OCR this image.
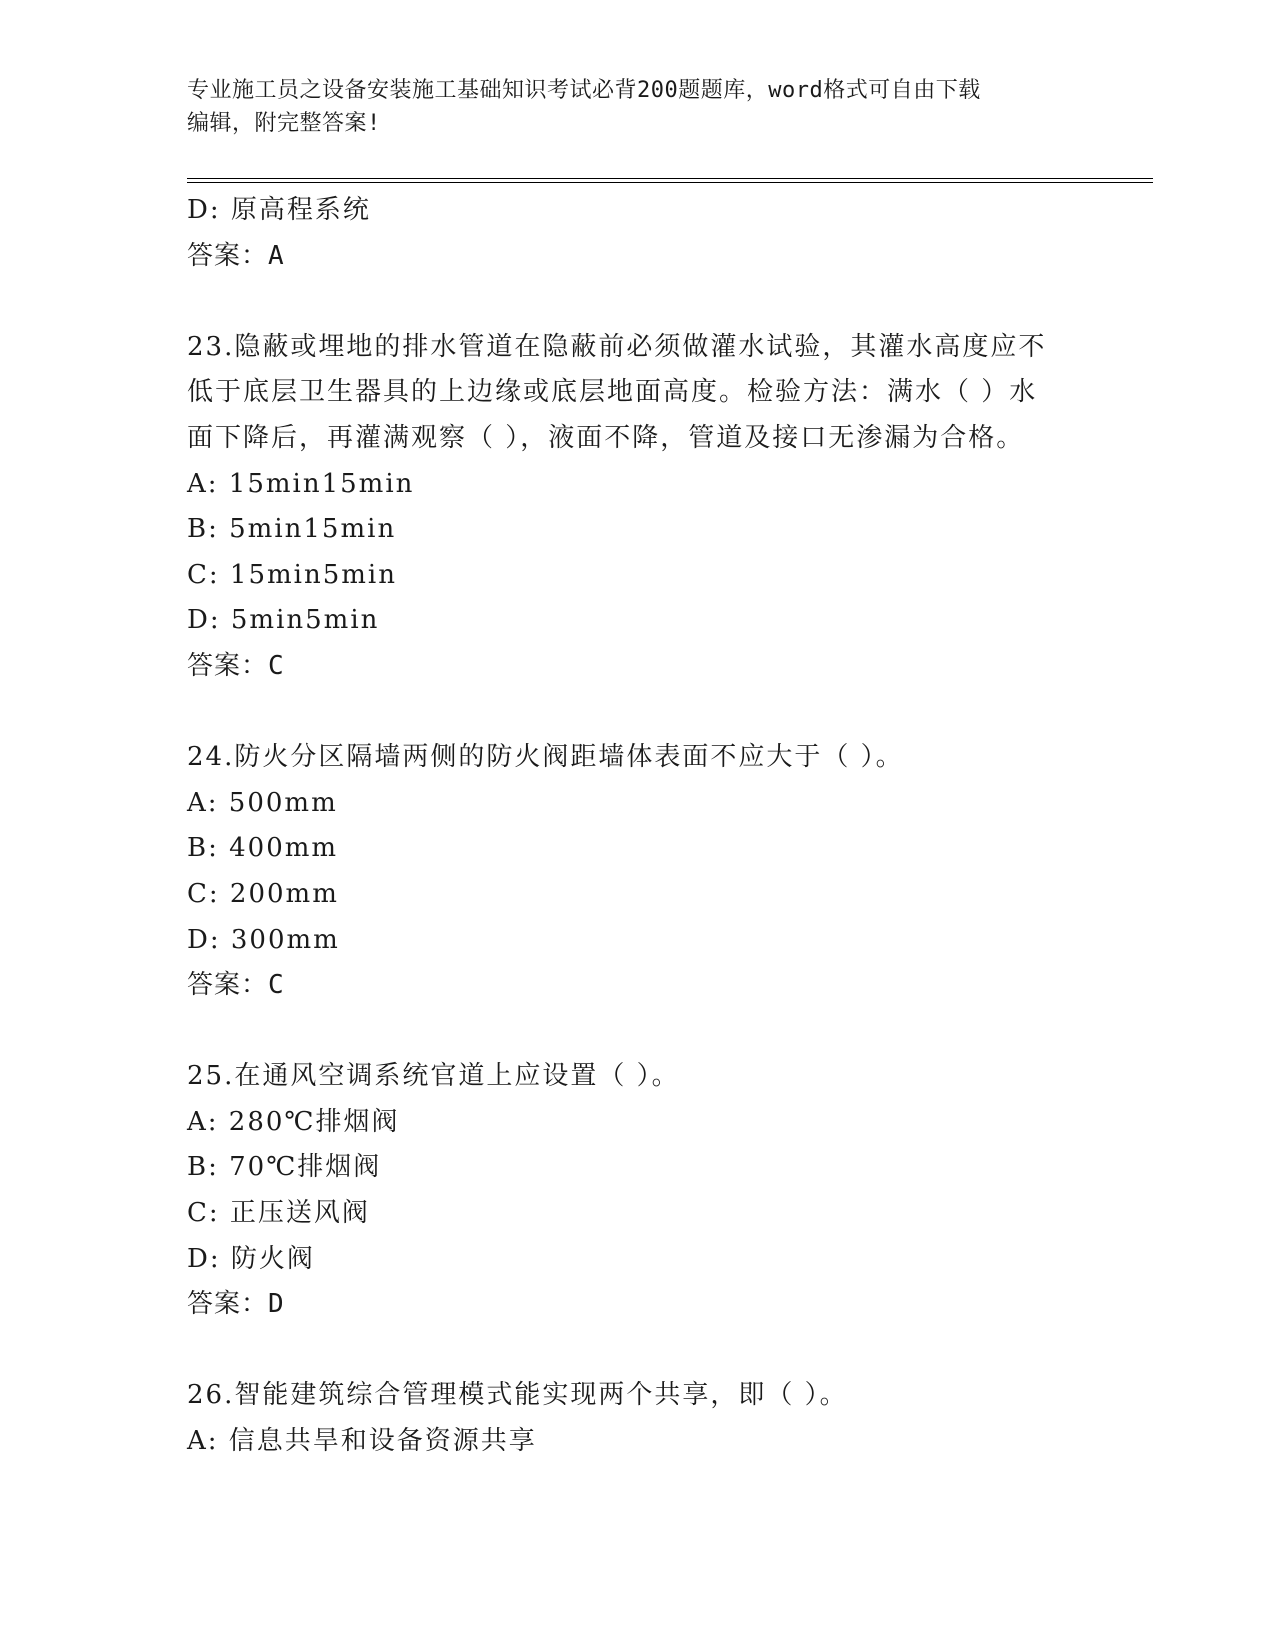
专业施工员之设备安装施工基础知识考试必背200题题库，word格式可自由下载
编辑，附完整答案!
D: 原高程系统
答案：A
23.隐蔽或埋地的排水管道在隐蔽前必须做灌水试验，其灌水高度应不
低于底层卫生器具的上边缘或底层地面高度。检验方法：满水（ ）水
面下降后，再灌满观察（ ），液面不降，管道及接口无渗漏为合格。
A: 15min15min
B: 5min15min
C: 15min5min
D: 5min5min
答案：C
24.防火分区隔墙两侧的防火阀距墙体表面不应大于（ ）。
A: 500mm
B: 400mm
C: 200mm
D: 300mm
答案：C
25.在通风空调系统官道上应设置（ ）。
A: 280℃排烟阀
B: 70℃排烟阀
C: 正压送风阀
D: 防火阀
答案：D
26.智能建筑综合管理模式能实现两个共享，即（ ）。
A: 信息共旱和设备资源共享
